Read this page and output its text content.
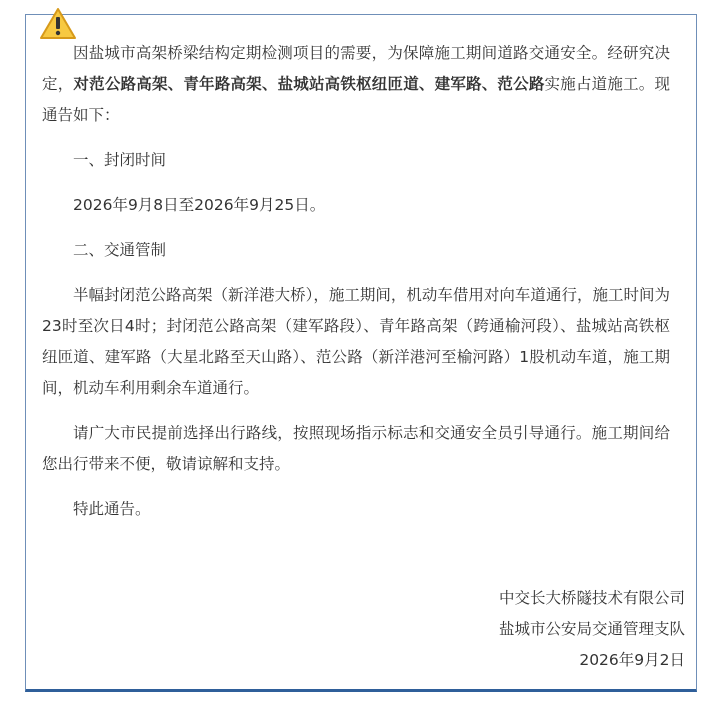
因盐城市高架桥梁结构定期检测项目的需要，为保障施工期间道路交通安全。经研究决定，对范公路高架、青年路高架、盐城站高铁枢纽匝道、建军路、范公路实施占道施工。现通告如下：

一、封闭时间

2026年9月8日至2026年9月25日。

二、交通管制

半幅封闭范公路高架（新洋港大桥），施工期间，机动车借用对向车道通行，施工时间为23时至次日4时；封闭范公路高架（建军路段）、青年路高架（跨通榆河段）、盐城站高铁枢纽匝道、建军路（大星北路至天山路）、范公路（新洋港河至榆河路）1股机动车道，施工期间，机动车利用剩余车道通行。

请广大市民提前选择出行路线，按照现场指示标志和交通安全员引导通行。施工期间给您出行带来不便，敬请谅解和支持。

特此通告。

中交长大桥隧技术有限公司
盐城市公安局交通管理支队
2026年9月2日
